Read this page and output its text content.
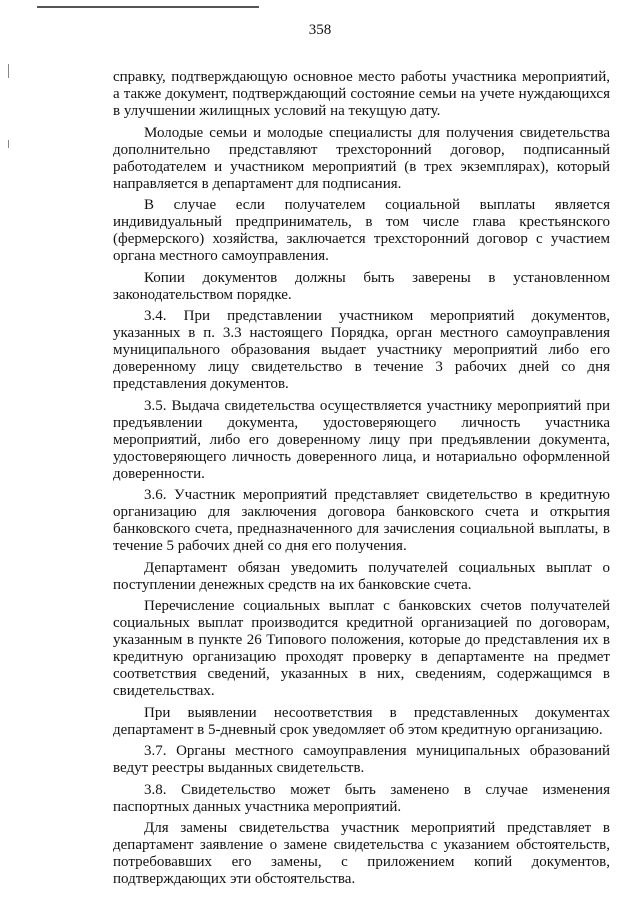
358

справку, подтверждающую основное место работы участника мероприятий, а также документ, подтверждающий состояние семьи на учете нуждающихся в улучшении жилищных условий на текущую дату.

Молодые семьи и молодые специалисты для получения свидетельства дополнительно представляют трехсторонний договор, подписанный работодателем и участником мероприятий (в трех экземплярах), который направляется в департамент для подписания.

В случае если получателем социальной выплаты является индивидуальный предприниматель, в том числе глава крестьянского (фермерского) хозяйства, заключается трехсторонний договор с участием органа местного самоуправления.

Копии документов должны быть заверены в установленном законодательством порядке.

3.4. При представлении участником мероприятий документов, указанных в п. 3.3 настоящего Порядка, орган местного самоуправления муниципального образования выдает участнику мероприятий либо его доверенному лицу свидетельство в течение 3 рабочих дней со дня представления документов.

3.5. Выдача свидетельства осуществляется участнику мероприятий при предъявлении документа, удостоверяющего личность участника мероприятий, либо его доверенному лицу при предъявлении документа, удостоверяющего личность доверенного лица, и нотариально оформленной доверенности.

3.6. Участник мероприятий представляет свидетельство в кредитную организацию для заключения договора банковского счета и открытия банковского счета, предназначенного для зачисления социальной выплаты, в течение 5 рабочих дней со дня его получения.

Департамент обязан уведомить получателей социальных выплат о поступлении денежных средств на их банковские счета.

Перечисление социальных выплат с банковских счетов получателей социальных выплат производится кредитной организацией по договорам, указанным в пункте 26 Типового положения, которые до представления их в кредитную организацию проходят проверку в департаменте на предмет соответствия сведений, указанных в них, сведениям, содержащимся в свидетельствах.

При выявлении несоответствия в представленных документах департамент в 5-дневный срок уведомляет об этом кредитную организацию.

3.7. Органы местного самоуправления муниципальных образований ведут реестры выданных свидетельств.

3.8. Свидетельство может быть заменено в случае изменения паспортных данных участника мероприятий.

Для замены свидетельства участник мероприятий представляет в департамент заявление о замене свидетельства с указанием обстоятельств, потребовавших его замены, с приложением копий документов, подтверждающих эти обстоятельства.
